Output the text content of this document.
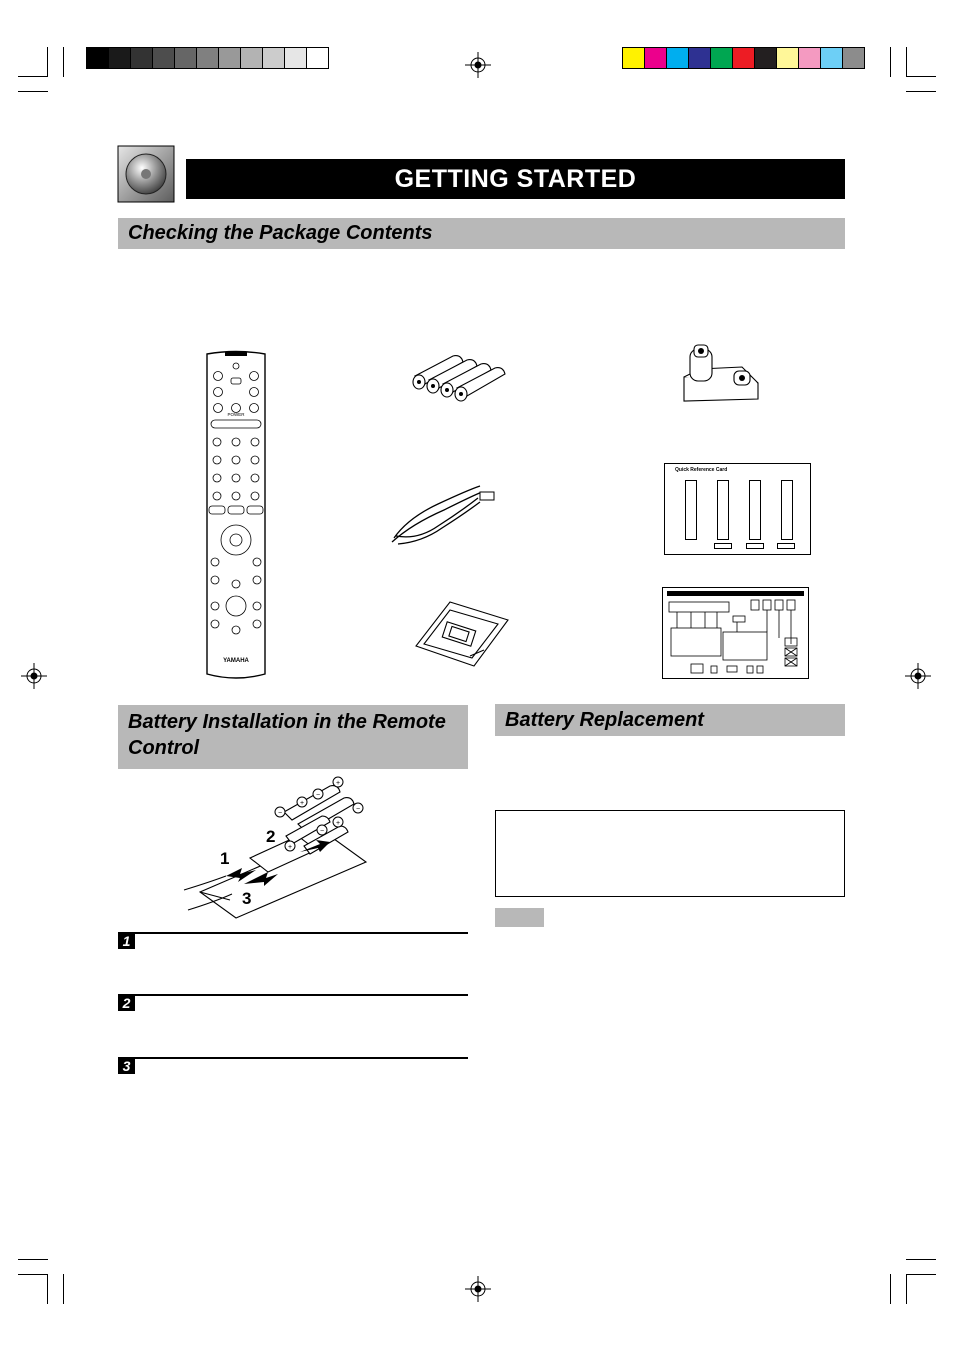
GETTING STARTED
Checking the Package Contents
POWER
YAMAHA
Quick Reference Card
Battery Installation in the Remote Control
+
−
+
−
−
+
−
+
1
2
3
1
2
3
Battery Replacement
